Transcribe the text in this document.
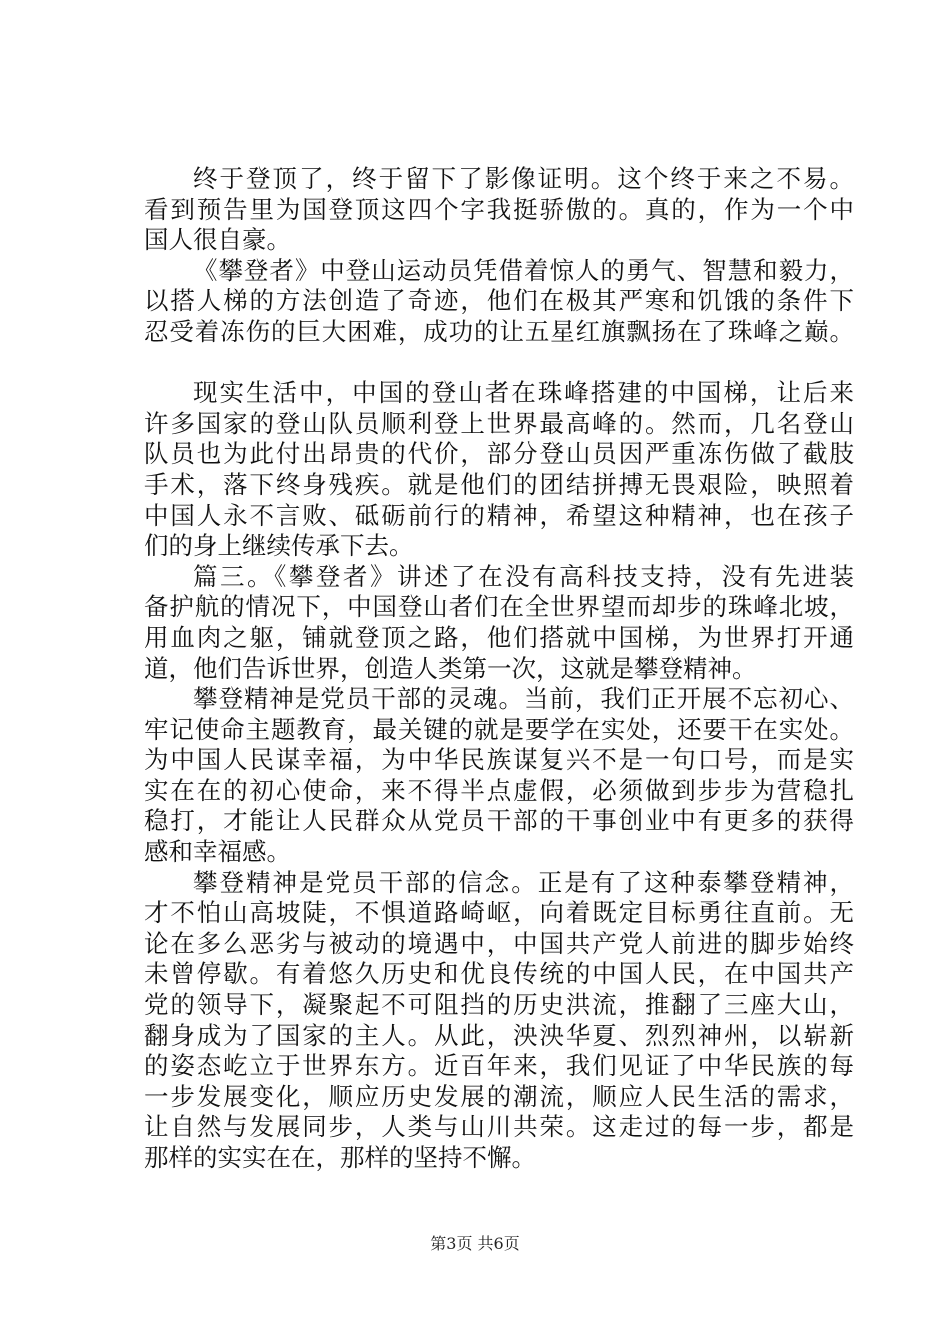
终于登顶了，终于留下了影像证明。这个终于来之不易。
看到预告里为国登顶这四个字我挺骄傲的。真的，作为一个中
国人很自豪。
《攀登者》中登山运动员凭借着惊人的勇气、智慧和毅力，
以搭人梯的方法创造了奇迹，他们在极其严寒和饥饿的条件下
忍受着冻伤的巨大困难，成功的让五星红旗飘扬在了珠峰之巅。
现实生活中，中国的登山者在珠峰搭建的中国梯，让后来
许多国家的登山队员顺利登上世界最高峰的。然而，几名登山
队员也为此付出昂贵的代价，部分登山员因严重冻伤做了截肢
手术，落下终身残疾。就是他们的团结拼搏无畏艰险，映照着
中国人永不言败、砥砺前行的精神，希望这种精神，也在孩子
们的身上继续传承下去。
篇三。《攀登者》讲述了在没有高科技支持，没有先进装
备护航的情况下，中国登山者们在全世界望而却步的珠峰北坡，
用血肉之躯，铺就登顶之路，他们搭就中国梯，为世界打开通
道，他们告诉世界，创造人类第一次，这就是攀登精神。
攀登精神是党员干部的灵魂。当前，我们正开展不忘初心、
牢记使命主题教育，最关键的就是要学在实处，还要干在实处。
为中国人民谋幸福，为中华民族谋复兴不是一句口号，而是实
实在在的初心使命，来不得半点虚假，必须做到步步为营稳扎
稳打，才能让人民群众从党员干部的干事创业中有更多的获得
感和幸福感。
攀登精神是党员干部的信念。正是有了这种泰攀登精神，
才不怕山高坡陡，不惧道路崎岖，向着既定目标勇往直前。无
论在多么恶劣与被动的境遇中，中国共产党人前进的脚步始终
未曾停歇。有着悠久历史和优良传统的中国人民，在中国共产
党的领导下，凝聚起不可阻挡的历史洪流，推翻了三座大山，
翻身成为了国家的主人。从此，泱泱华夏、烈烈神州，以崭新
的姿态屹立于世界东方。近百年来，我们见证了中华民族的每
一步发展变化，顺应历史发展的潮流，顺应人民生活的需求，
让自然与发展同步，人类与山川共荣。这走过的每一步，都是
那样的实实在在，那样的坚持不懈。
第3页 共6页
